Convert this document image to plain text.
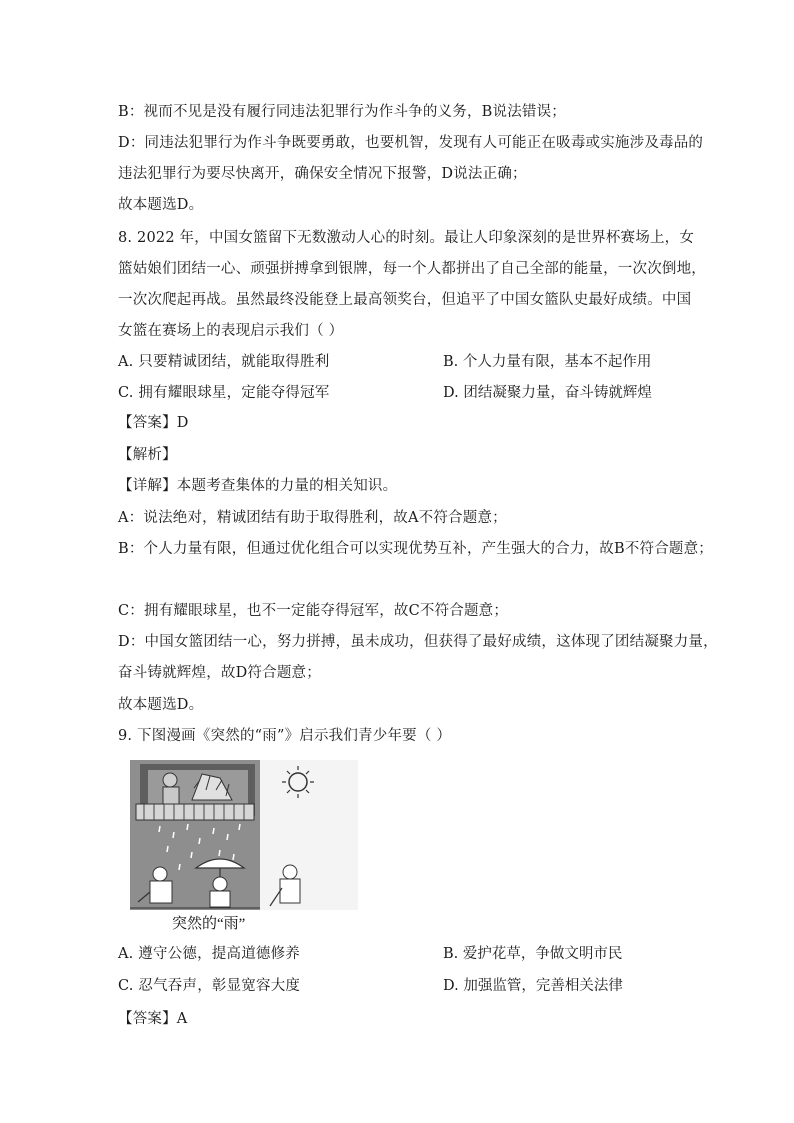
B：视而不见是没有履行同违法犯罪行为作斗争的义务，B说法错误；
D：同违法犯罪行为作斗争既要勇敢，也要机智，发现有人可能正在吸毒或实施涉及毒品的
违法犯罪行为要尽快离开，确保安全情况下报警，D说法正确；
故本题选D。
8. 2022 年，中国女篮留下无数激动人心的时刻。最让人印象深刻的是世界杯赛场上，女
篮姑娘们团结一心、顽强拼搏拿到银牌，每一个人都拼出了自己全部的能量，一次次倒地，
一次次爬起再战。虽然最终没能登上最高领奖台，但追平了中国女篮队史最好成绩。中国
女篮在赛场上的表现启示我们（ ）
A. 只要精诚团结，就能取得胜利	B. 个人力量有限，基本不起作用
C. 拥有耀眼球星，定能夺得冠军	D. 团结凝聚力量，奋斗铸就辉煌
【答案】D
【解析】
【详解】本题考查集体的力量的相关知识。
A：说法绝对，精诚团结有助于取得胜利，故A不符合题意；
B：个人力量有限，但通过优化组合可以实现优势互补，产生强大的合力，故B不符合题意；
C：拥有耀眼球星，也不一定能夺得冠军，故C不符合题意；
D：中国女篮团结一心，努力拼搏，虽未成功，但获得了最好成绩，这体现了团结凝聚力量，
奋斗铸就辉煌，故D符合题意；
故本题选D。
9. 下图漫画《突然的“雨”》启示我们青少年要（ ）
突然的“雨”
A. 遵守公德，提高道德修养	B. 爱护花草，争做文明市民
C. 忍气吞声，彰显宽容大度	D. 加强监管，完善相关法律
【答案】A
